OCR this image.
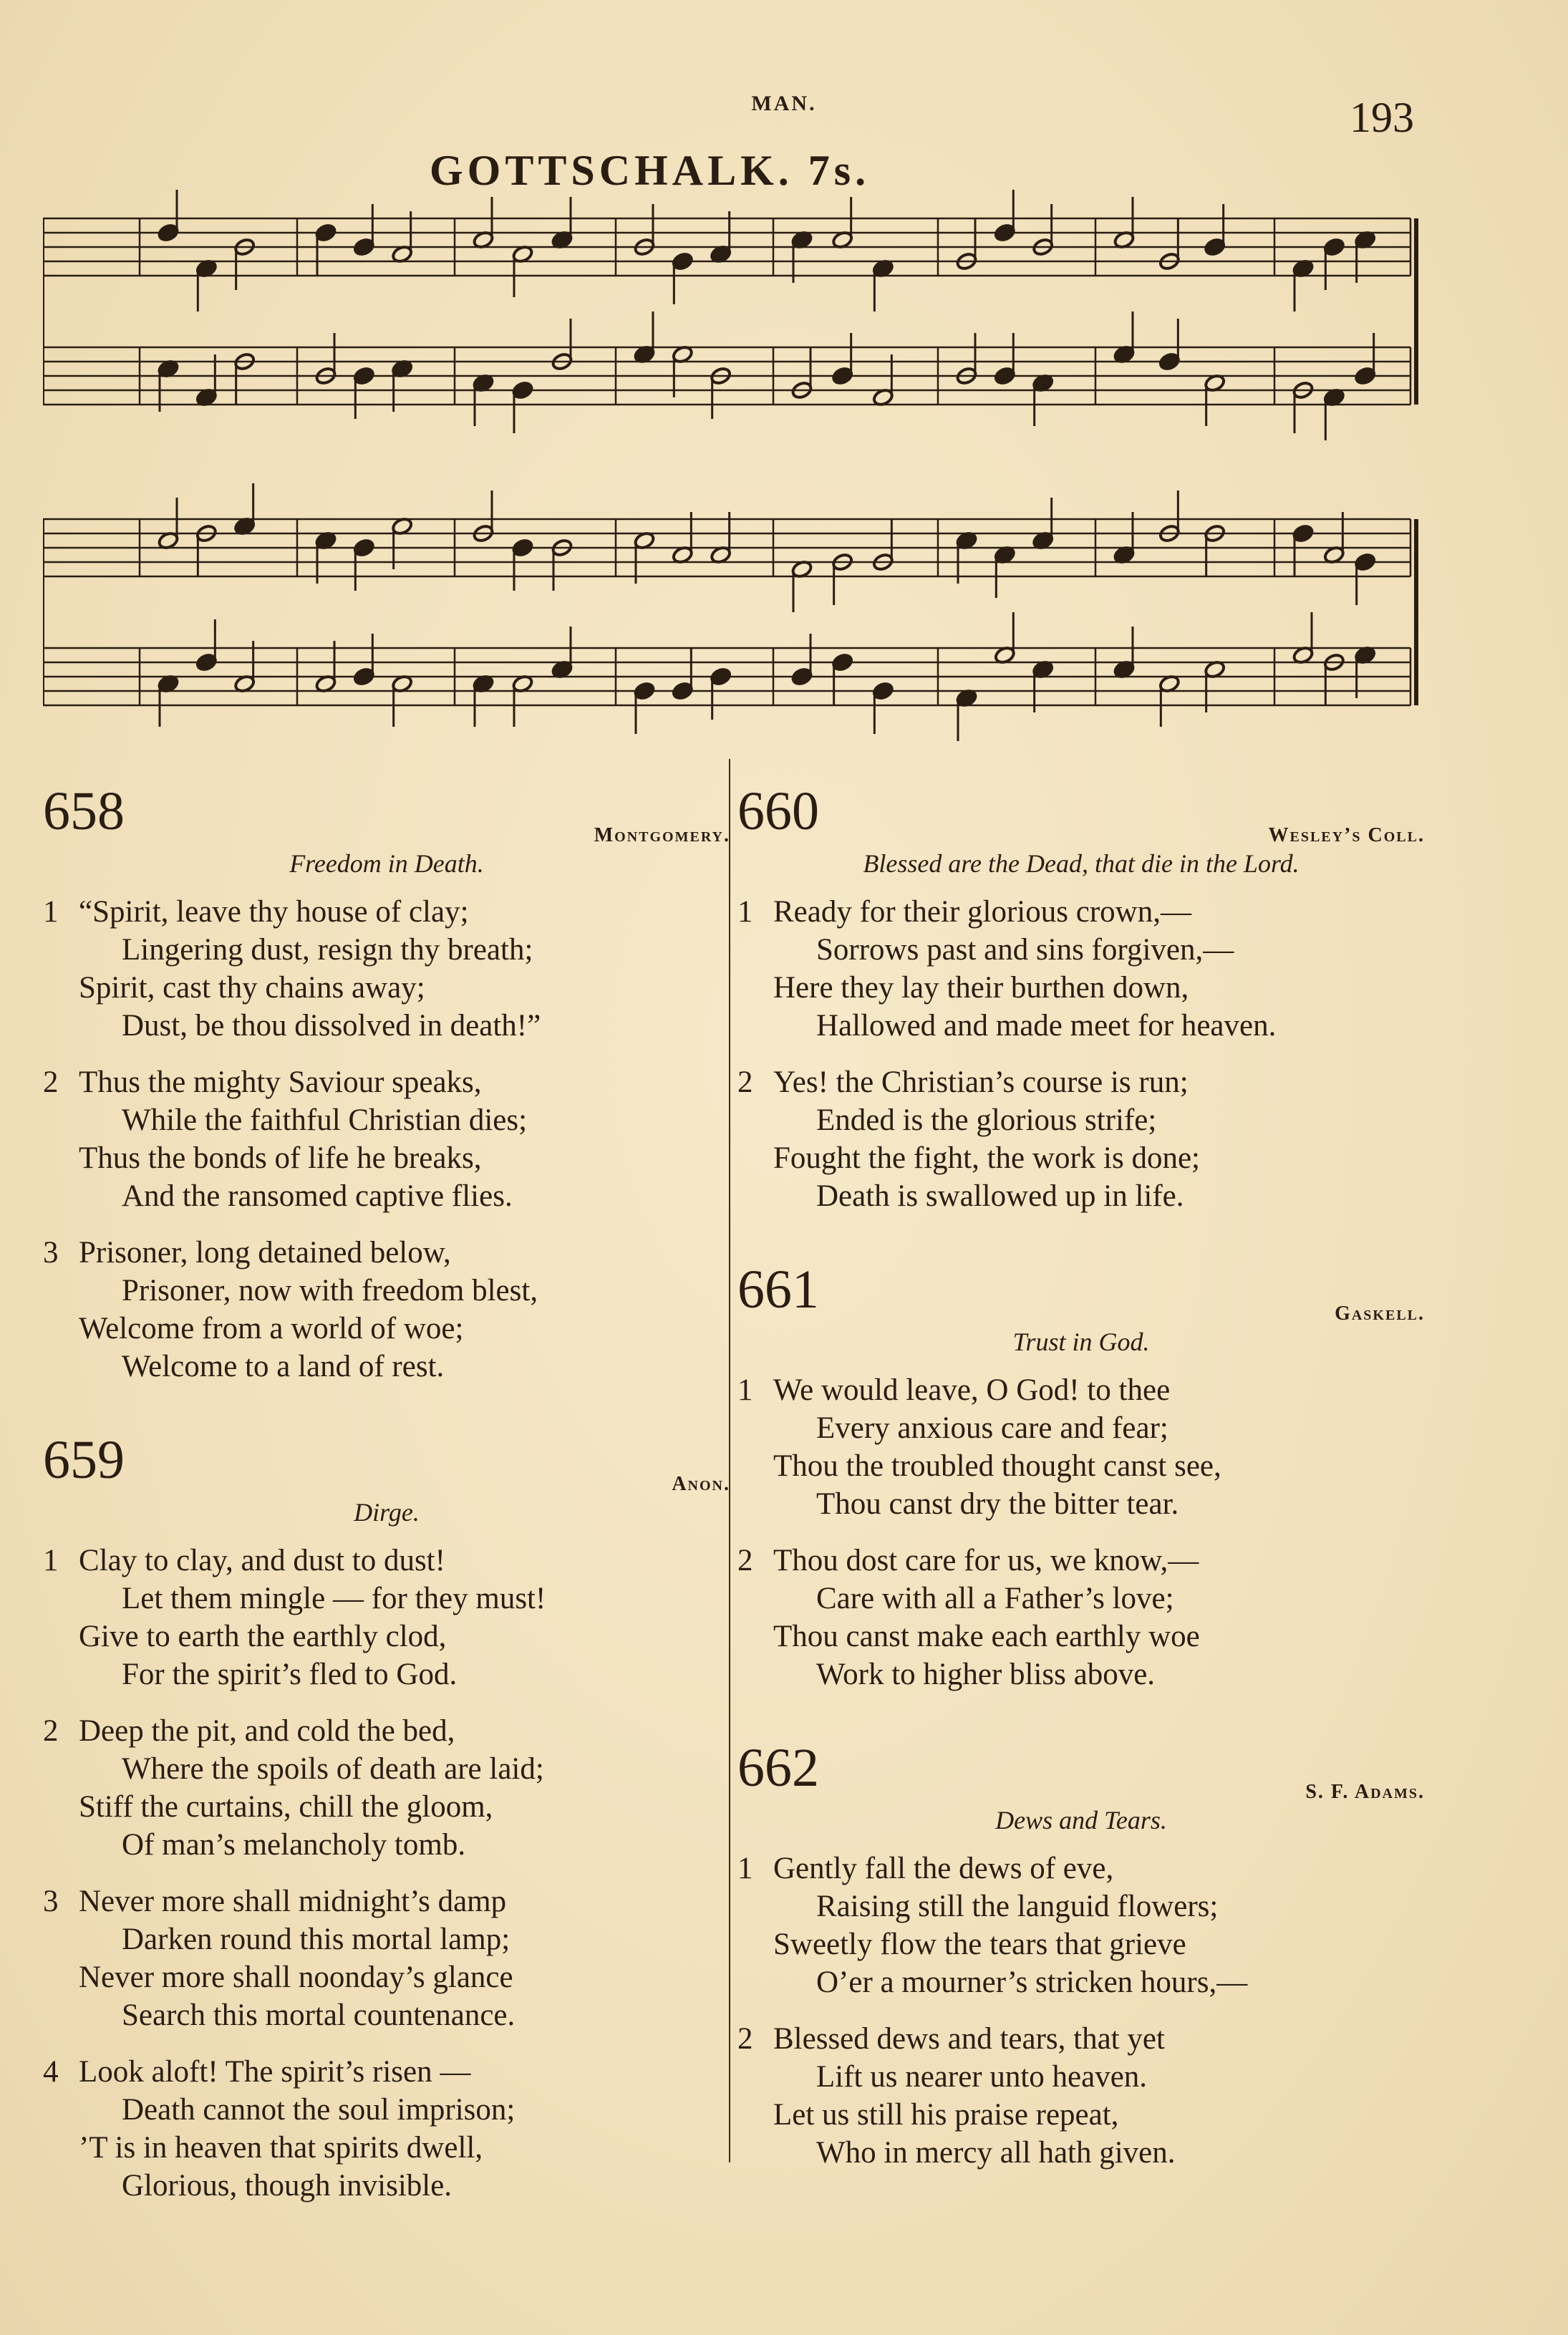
MAN.	193
GOTTSCHALK. 7s.
658	Montgomery.
Freedom in Death.
1 “Spirit, leave thy house of clay;
Lingering dust, resign thy breath;
Spirit, cast thy chains away;
Dust, be thou dissolved in death!”
2 Thus the mighty Saviour speaks,
While the faithful Christian dies;
Thus the bonds of life he breaks,
And the ransomed captive flies.
3 Prisoner, long detained below,
Prisoner, now with freedom blest,
Welcome from a world of woe;
Welcome to a land of rest.
659	Anon.
Dirge.
1 Clay to clay, and dust to dust!
Let them mingle — for they must!
Give to earth the earthly clod,
For the spirit’s fled to God.
2 Deep the pit, and cold the bed,
Where the spoils of death are laid;
Stiff the curtains, chill the gloom,
Of man’s melancholy tomb.
3 Never more shall midnight’s damp
Darken round this mortal lamp;
Never more shall noonday’s glance
Search this mortal countenance.
4 Look aloft! The spirit’s risen —
Death cannot the soul imprison;
’T is in heaven that spirits dwell,
Glorious, though invisible.
660	Wesley’s Coll.
Blessed are the Dead, that die in the Lord.
1 Ready for their glorious crown,—
Sorrows past and sins forgiven,—
Here they lay their burthen down,
Hallowed and made meet for heaven.
2 Yes! the Christian’s course is run;
Ended is the glorious strife;
Fought the fight, the work is done;
Death is swallowed up in life.
661	Gaskell.
Trust in God.
1 We would leave, O God! to thee
Every anxious care and fear;
Thou the troubled thought canst see,
Thou canst dry the bitter tear.
2 Thou dost care for us, we know,—
Care with all a Father’s love;
Thou canst make each earthly woe
Work to higher bliss above.
662	S. F. Adams.
Dews and Tears.
1 Gently fall the dews of eve,
Raising still the languid flowers;
Sweetly flow the tears that grieve
O’er a mourner’s stricken hours,—
2 Blessed dews and tears, that yet
Lift us nearer unto heaven.
Let us still his praise repeat,
Who in mercy all hath given.
